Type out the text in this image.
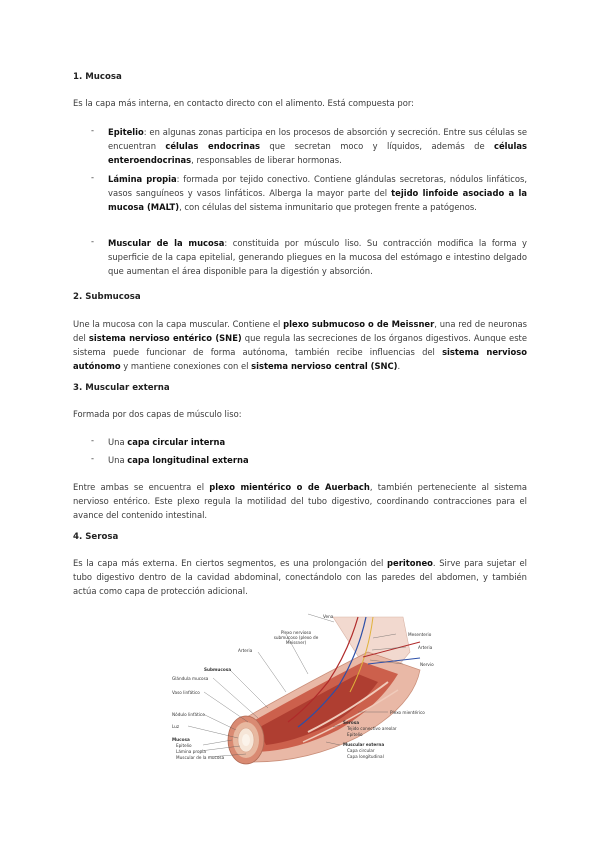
1. Mucosa
Es la capa más interna, en contacto directo con el alimento. Está compuesta por:
- Epitelio: en algunas zonas participa en los procesos de absorción y secreción. Entre sus células se encuentran células endocrinas que secretan moco y líquidos, además de células enteroendocrinas, responsables de liberar hormonas.
- Lámina propia: formada por tejido conectivo. Contiene glándulas secretoras, nódulos linfáticos, vasos sanguíneos y vasos linfáticos. Alberga la mayor parte del tejido linfoide asociado a la mucosa (MALT), con células del sistema inmunitario que protegen frente a patógenos.
- Muscular de la mucosa: constituida por músculo liso. Su contracción modifica la forma y superficie de la capa epitelial, generando pliegues en la mucosa del estómago e intestino delgado que aumentan el área disponible para la digestión y absorción.
2. Submucosa
Une la mucosa con la capa muscular. Contiene el plexo submucoso o de Meissner, una red de neuronas del sistema nervioso entérico (SNE) que regula las secreciones de los órganos digestivos. Aunque este sistema puede funcionar de forma autónoma, también recibe influencias del sistema nervioso autónomo y mantiene conexiones con el sistema nervioso central (SNC).
3. Muscular externa
Formada por dos capas de músculo liso:
- Una capa circular interna
- Una capa longitudinal externa
Entre ambas se encuentra el plexo mientérico o de Auerbach, también perteneciente al sistema nervioso entérico. Este plexo regula la motilidad del tubo digestivo, coordinando contracciones para el avance del contenido intestinal.
4. Serosa
Es la capa más externa. En ciertos segmentos, es una prolongación del peritoneo. Sirve para sujetar el tubo digestivo dentro de la cavidad abdominal, conectándolo con las paredes del abdomen, y también actúa como capa de protección adicional.
Vena
Plexo nervioso submucoso (plexo de Meissner)
Arteria
Submucosa
Glándula mucosa
Vaso linfático
Nódulo linfático
Luz
Mucosa
Epitelio
Lámina propia
Muscular de la mucosa
Mesenterio
Arteria
Nervio
Plexo mientérico
Serosa
Tejido conectivo areolar
Epitelio
Muscular externa
Capa circular
Capa longitudinal
